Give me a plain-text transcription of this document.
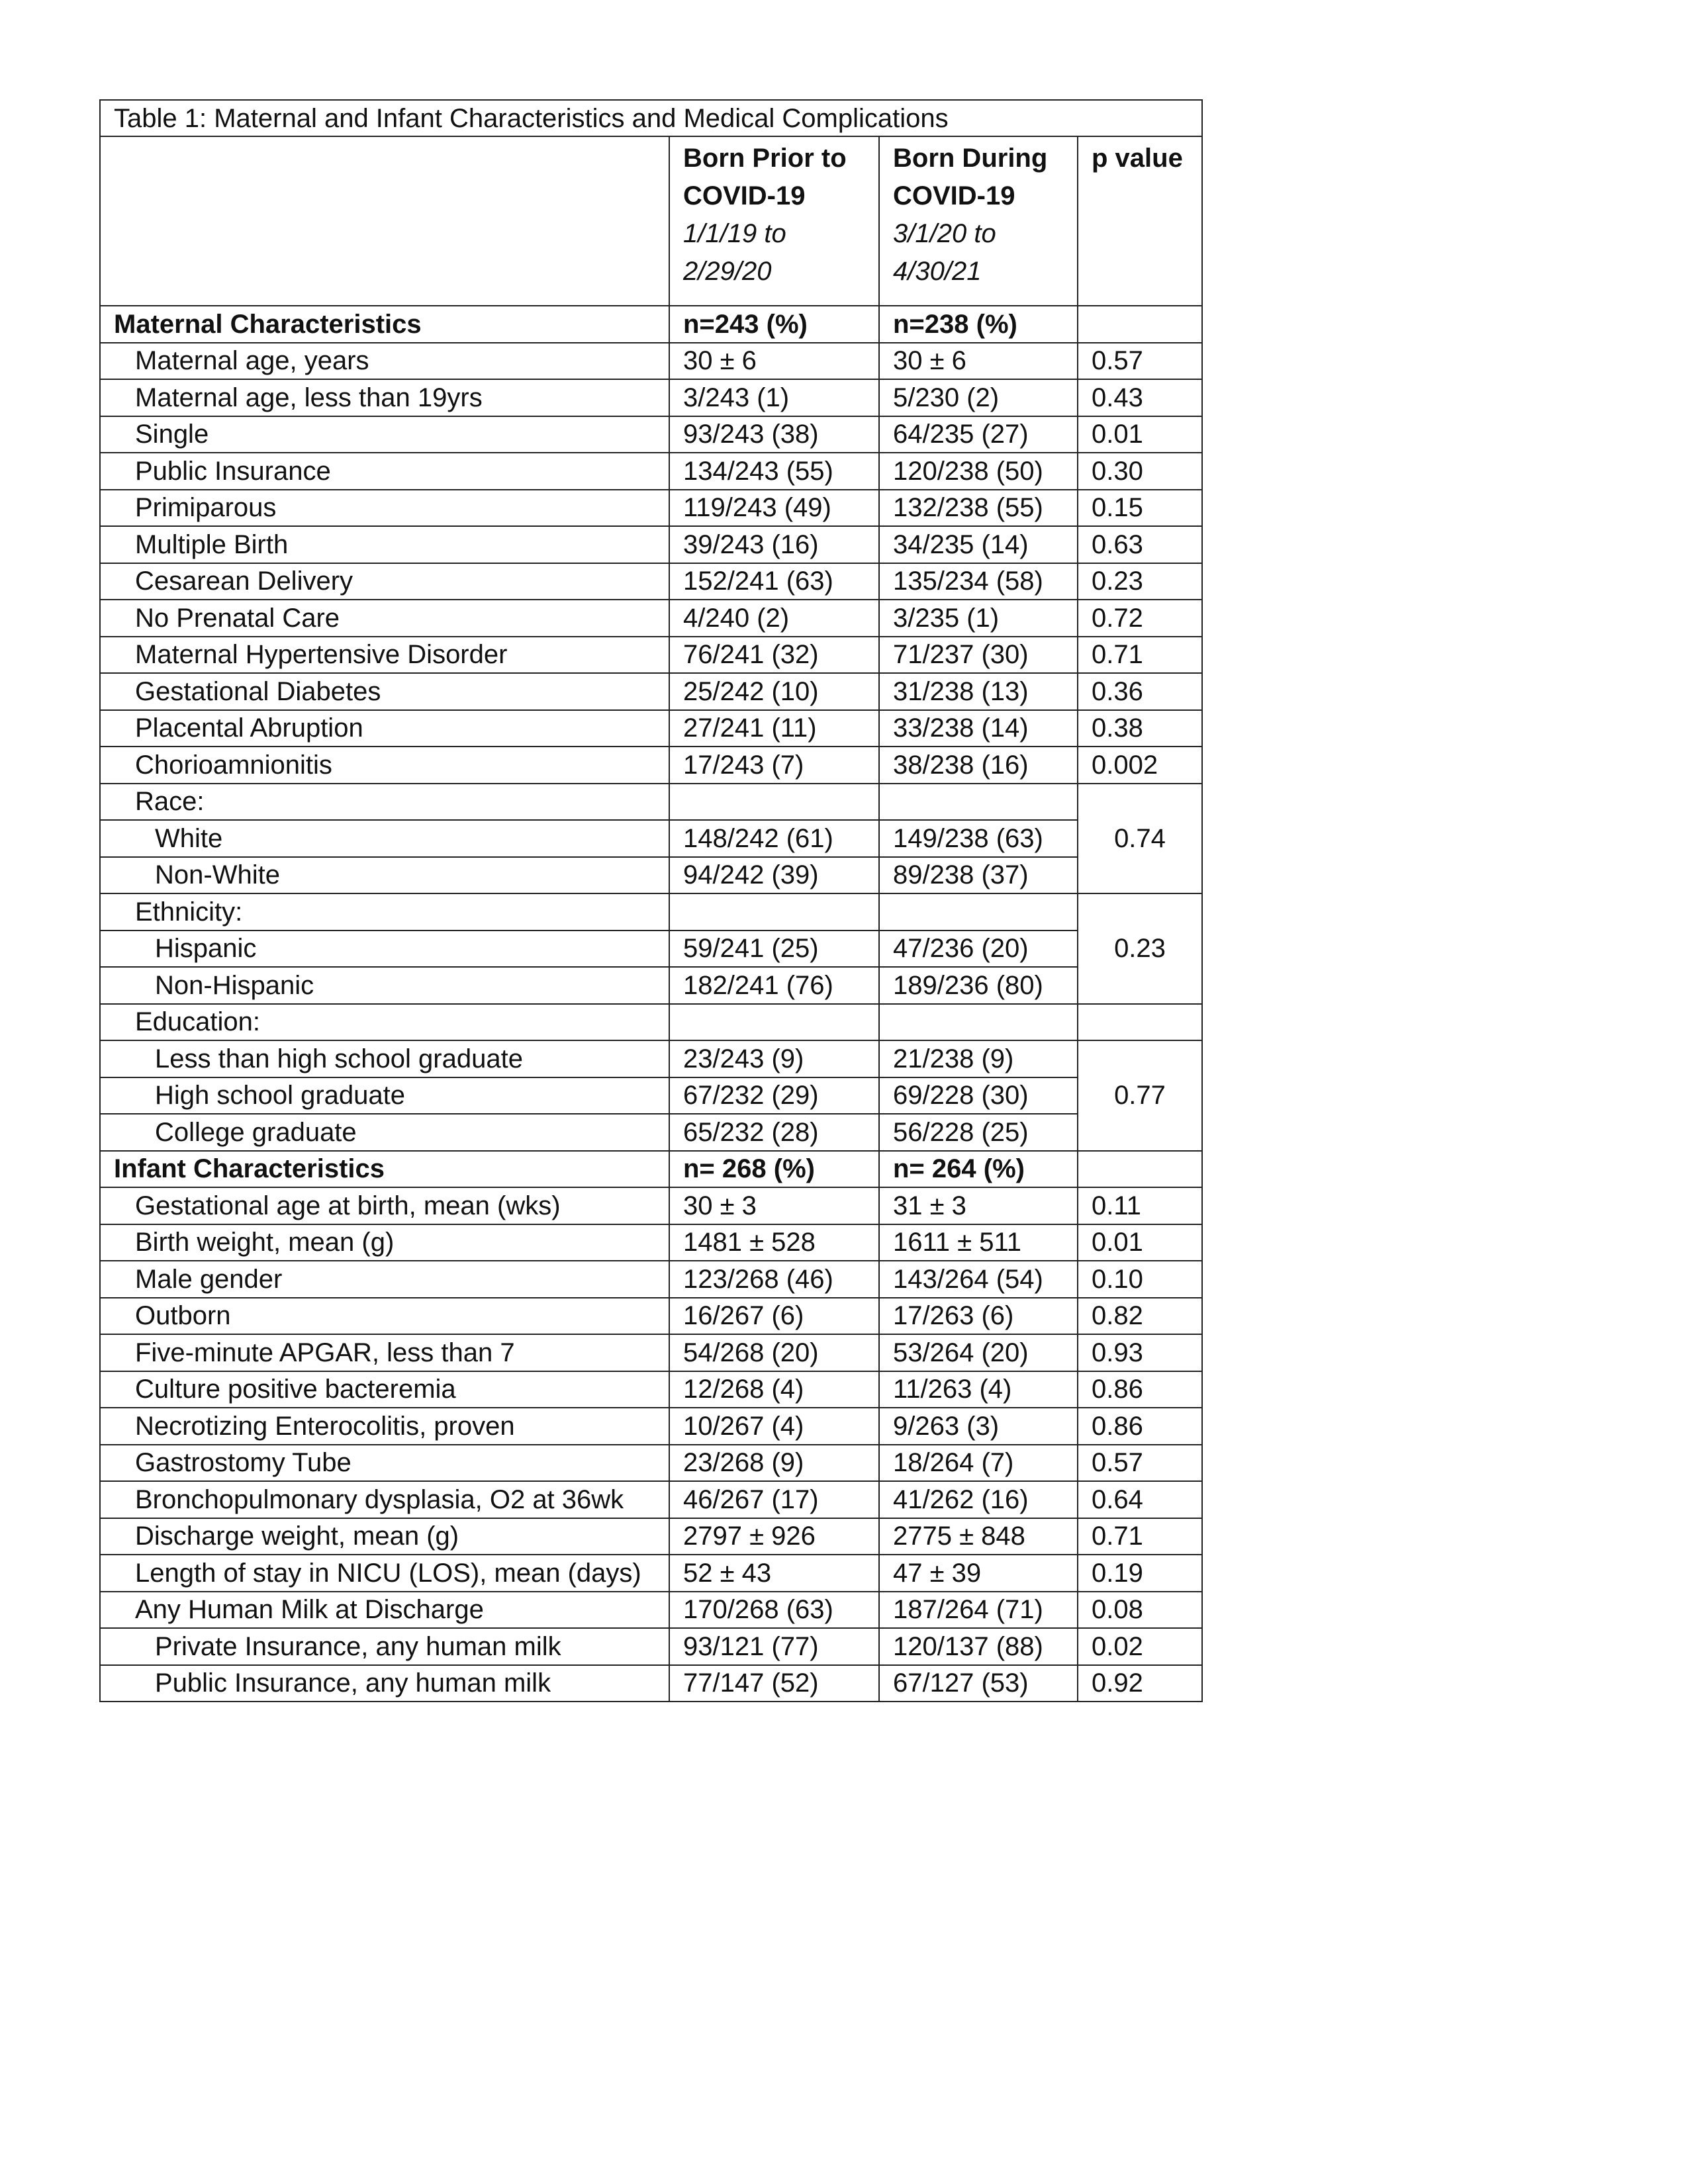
Table 1: Maternal and Infant Characteristics and Medical Complications			

	Born Prior to
COVID-19
1/1/19 to
2/29/20	Born During
COVID-19
3/1/20 to
4/30/21	p value

Maternal Characteristics	n=243 (%)	n=238 (%)	
Maternal age, years	30 ± 6	30 ± 6	0.57
Maternal age, less than 19yrs	3/243 (1)	5/230 (2)	0.43
Single	93/243 (38)	64/235 (27)	0.01
Public Insurance	134/243 (55)	120/238 (50)	0.30
Primiparous	119/243 (49)	132/238 (55)	0.15
Multiple Birth	39/243 (16)	34/235 (14)	0.63
Cesarean Delivery	152/241 (63)	135/234 (58)	0.23
No Prenatal Care	4/240 (2)	3/235 (1)	0.72
Maternal Hypertensive Disorder	76/241 (32)	71/237 (30)	0.71
Gestational Diabetes	25/242 (10)	31/238 (13)	0.36
Placental Abruption	27/241 (11)	33/238 (14)	0.38
Chorioamnionitis	17/243 (7)	38/238 (16)	0.002
Race:			0.74
White	148/242 (61)	149/238 (63)	
Non-White	94/242 (39)	89/238 (37)	
Ethnicity:			0.23
Hispanic	59/241 (25)	47/236 (20)	
Non-Hispanic	182/241 (76)	189/236 (80)	
Education:			
Less than high school graduate	23/243 (9)	21/238 (9)	0.77
High school graduate	67/232 (29)	69/228 (30)	
College graduate	65/232 (28)	56/228 (25)	
Infant Characteristics	n= 268 (%)	n= 264 (%)	
Gestational age at birth, mean (wks)	30 ± 3	31 ± 3	0.11
Birth weight, mean (g)	1481 ± 528	1611 ± 511	0.01
Male gender	123/268 (46)	143/264 (54)	0.10
Outborn	16/267 (6)	17/263 (6)	0.82
Five-minute APGAR, less than 7	54/268 (20)	53/264 (20)	0.93
Culture positive bacteremia	12/268 (4)	11/263 (4)	0.86
Necrotizing Enterocolitis, proven	10/267 (4)	9/263 (3)	0.86
Gastrostomy Tube	23/268 (9)	18/264 (7)	0.57
Bronchopulmonary dysplasia, O2 at 36wk	46/267 (17)	41/262 (16)	0.64
Discharge weight, mean (g)	2797 ± 926	2775 ± 848	0.71
Length of stay in NICU (LOS), mean (days)	52 ± 43	47 ± 39	0.19
Any Human Milk at Discharge	170/268 (63)	187/264 (71)	0.08
Private Insurance, any human milk	93/121 (77)	120/137 (88)	0.02
Public Insurance, any human milk	77/147 (52)	67/127 (53)	0.92
